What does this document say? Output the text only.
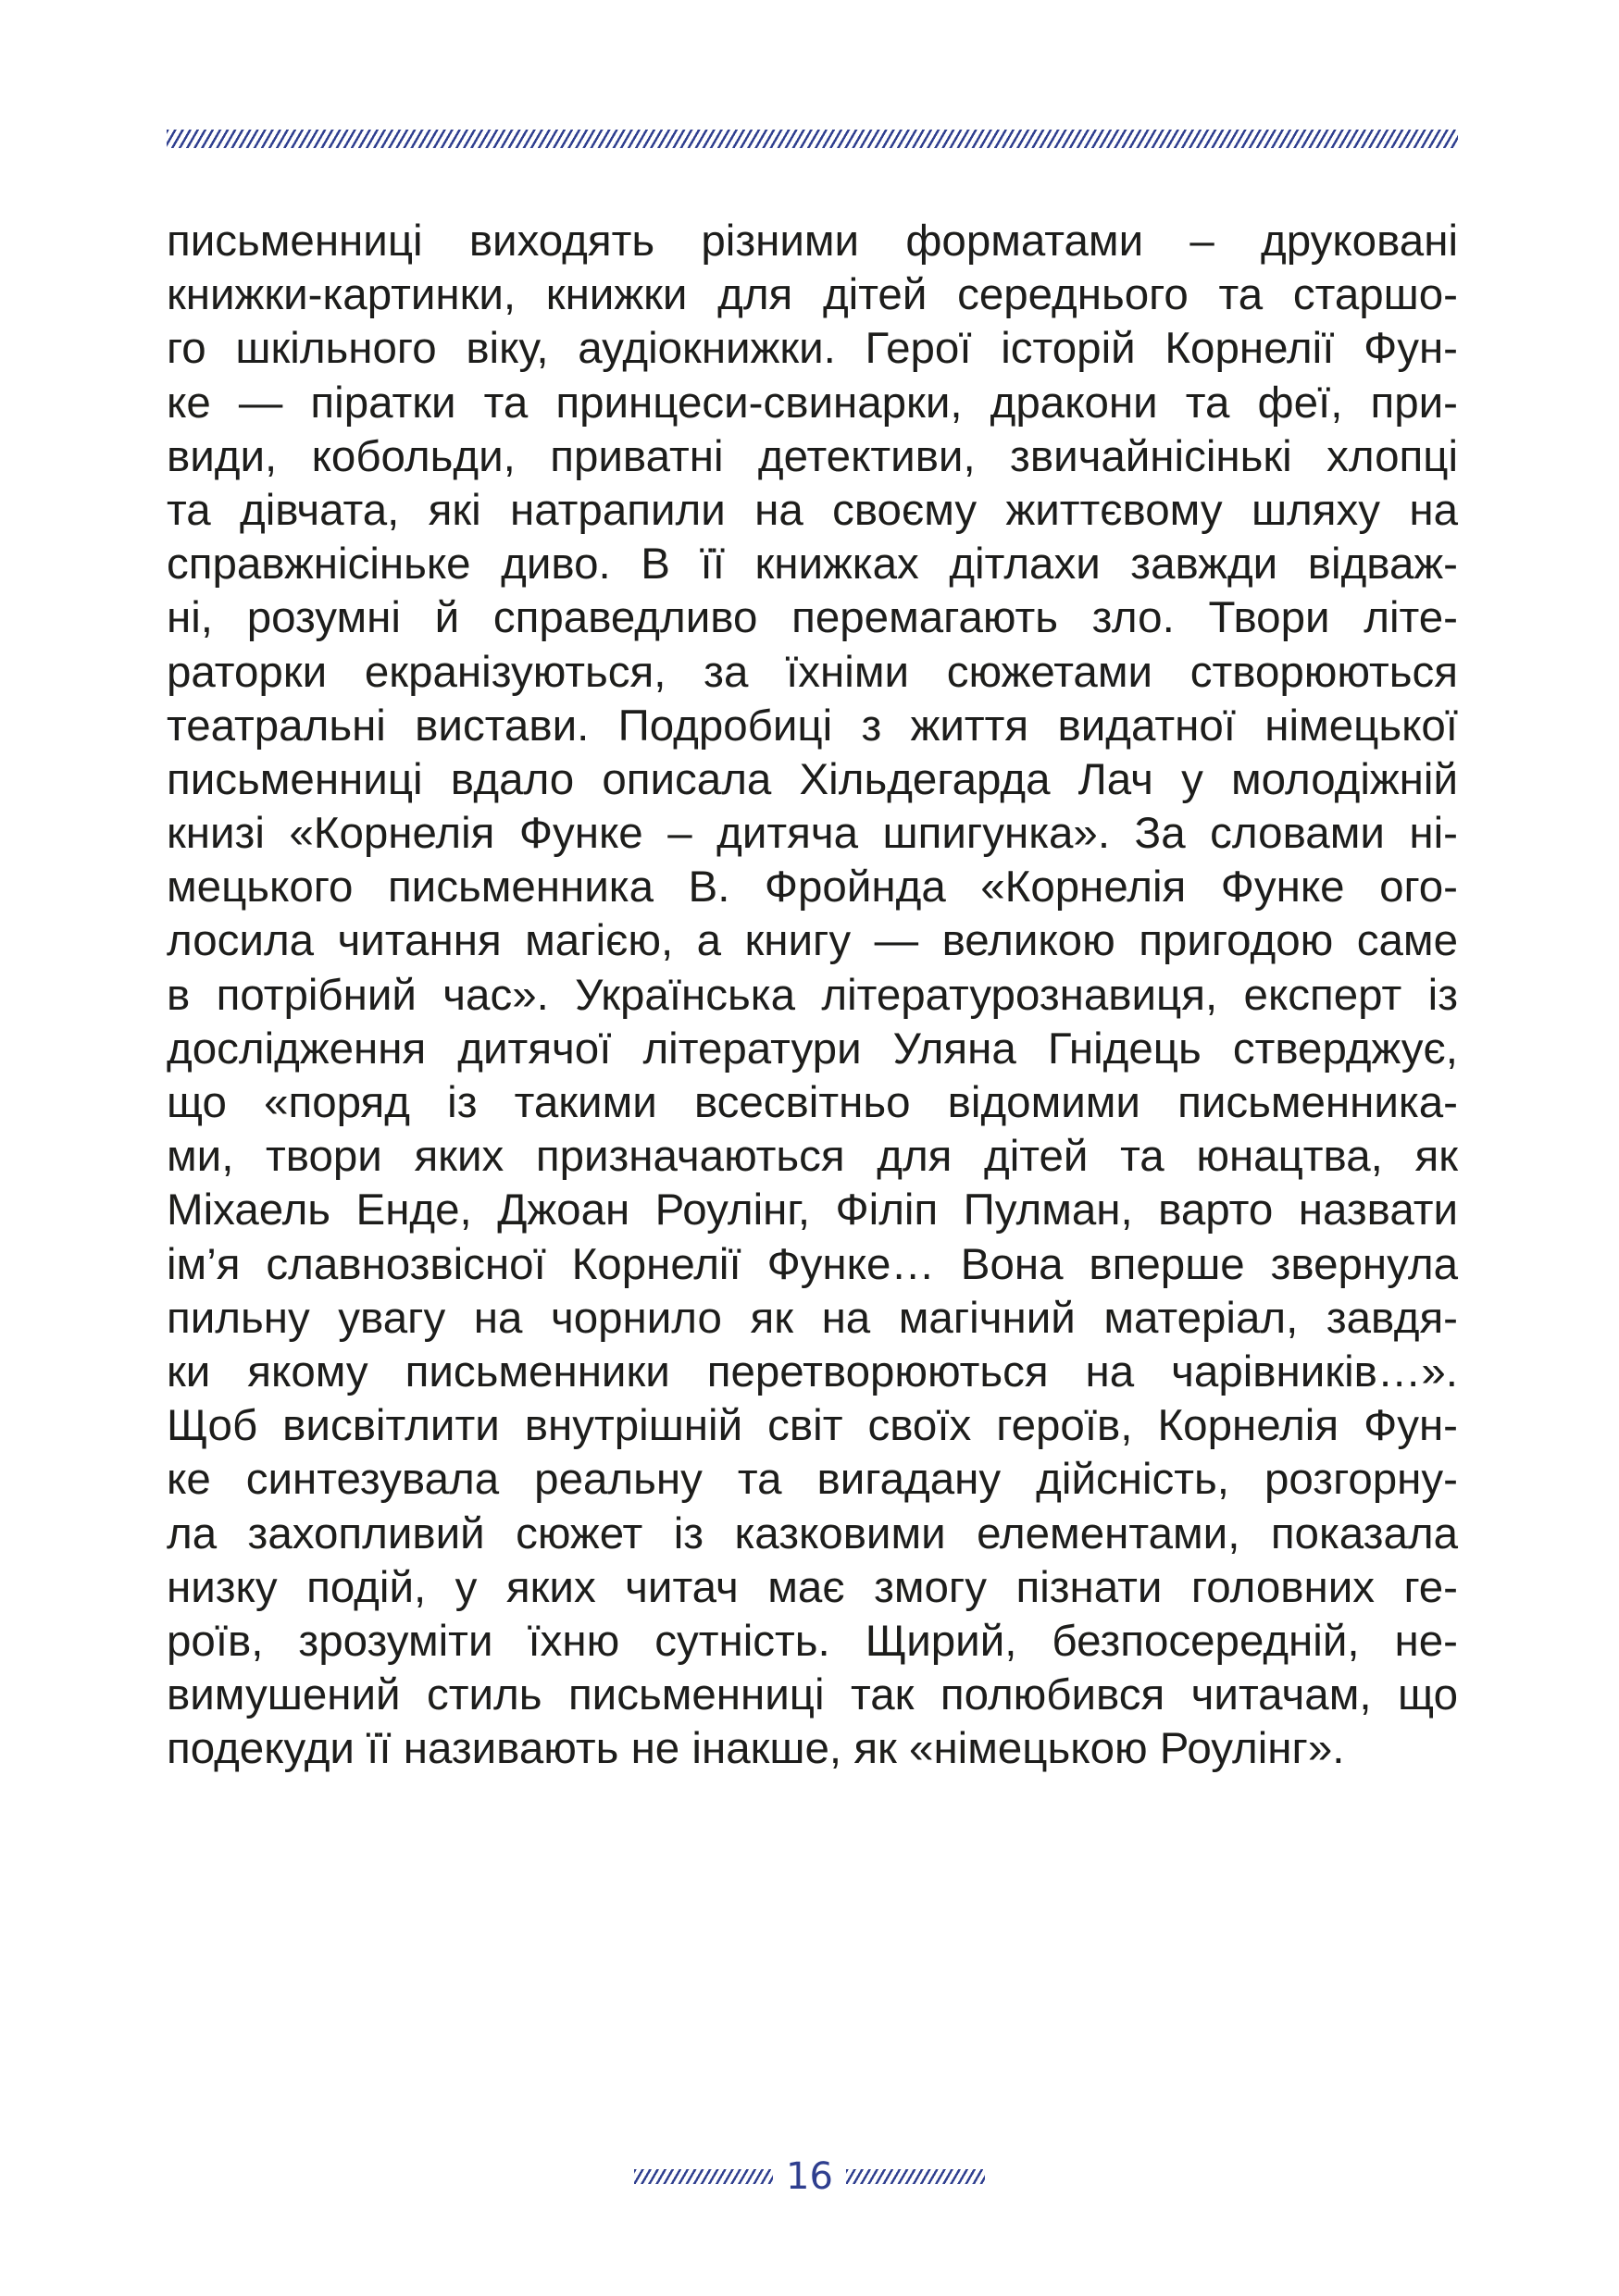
письменниці виходять різними форматами – друковані
книжки-картинки, книжки для дітей середнього та старшо-
го шкільного віку, аудіокнижки. Герої історій Корнелії Фун-
ке — піратки та принцеси-свинарки, дракони та феї, при-
види, кобольди, приватні детективи, звичайнісінькі хлопці
та дівчата, які натрапили на своєму життєвому шляху на
справжнісіньке диво. В її книжках дітлахи завжди відваж-
ні, розумні й справедливо перемагають зло. Твори літе-
раторки екранізуються, за їхніми сюжетами створюються
театральні вистави. Подробиці з життя видатної німецької
письменниці вдало описала Хільдегарда Лач у молодіжній
книзі «Корнелія Функе – дитяча шпигунка». За словами ні-
мецького письменника В. Фройнда «Корнелія Функе ого-
лосила читання магією, а книгу — великою пригодою саме
в потрібний час». Українська літературознавиця, експерт із
дослідження дитячої літератури Уляна Гнідець стверджує,
що «поряд із такими всесвітньо відомими письменника-
ми, твори яких призначаються для дітей та юнацтва, як
Міхаель Енде, Джоан Роулінг, Філіп Пулман, варто назвати
ім’я славнозвісної Корнелії Функе… Вона вперше звернула
пильну увагу на чорнило як на магічний матеріал, завдя-
ки якому письменники перетворюються на чарівників…».
Щоб висвітлити внутрішній світ своїх героїв, Корнелія Фун-
ке синтезувала реальну та вигадану дійсність, розгорну-
ла захопливий сюжет із казковими елементами, показала
низку подій, у яких читач має змогу пізнати головних ге-
роїв, зрозуміти їхню сутність. Щирий, безпосередній, не-
вимушений стиль письменниці так полюбився читачам, що
подекуди її називають не інакше, як «німецькою Роулінг».
16
